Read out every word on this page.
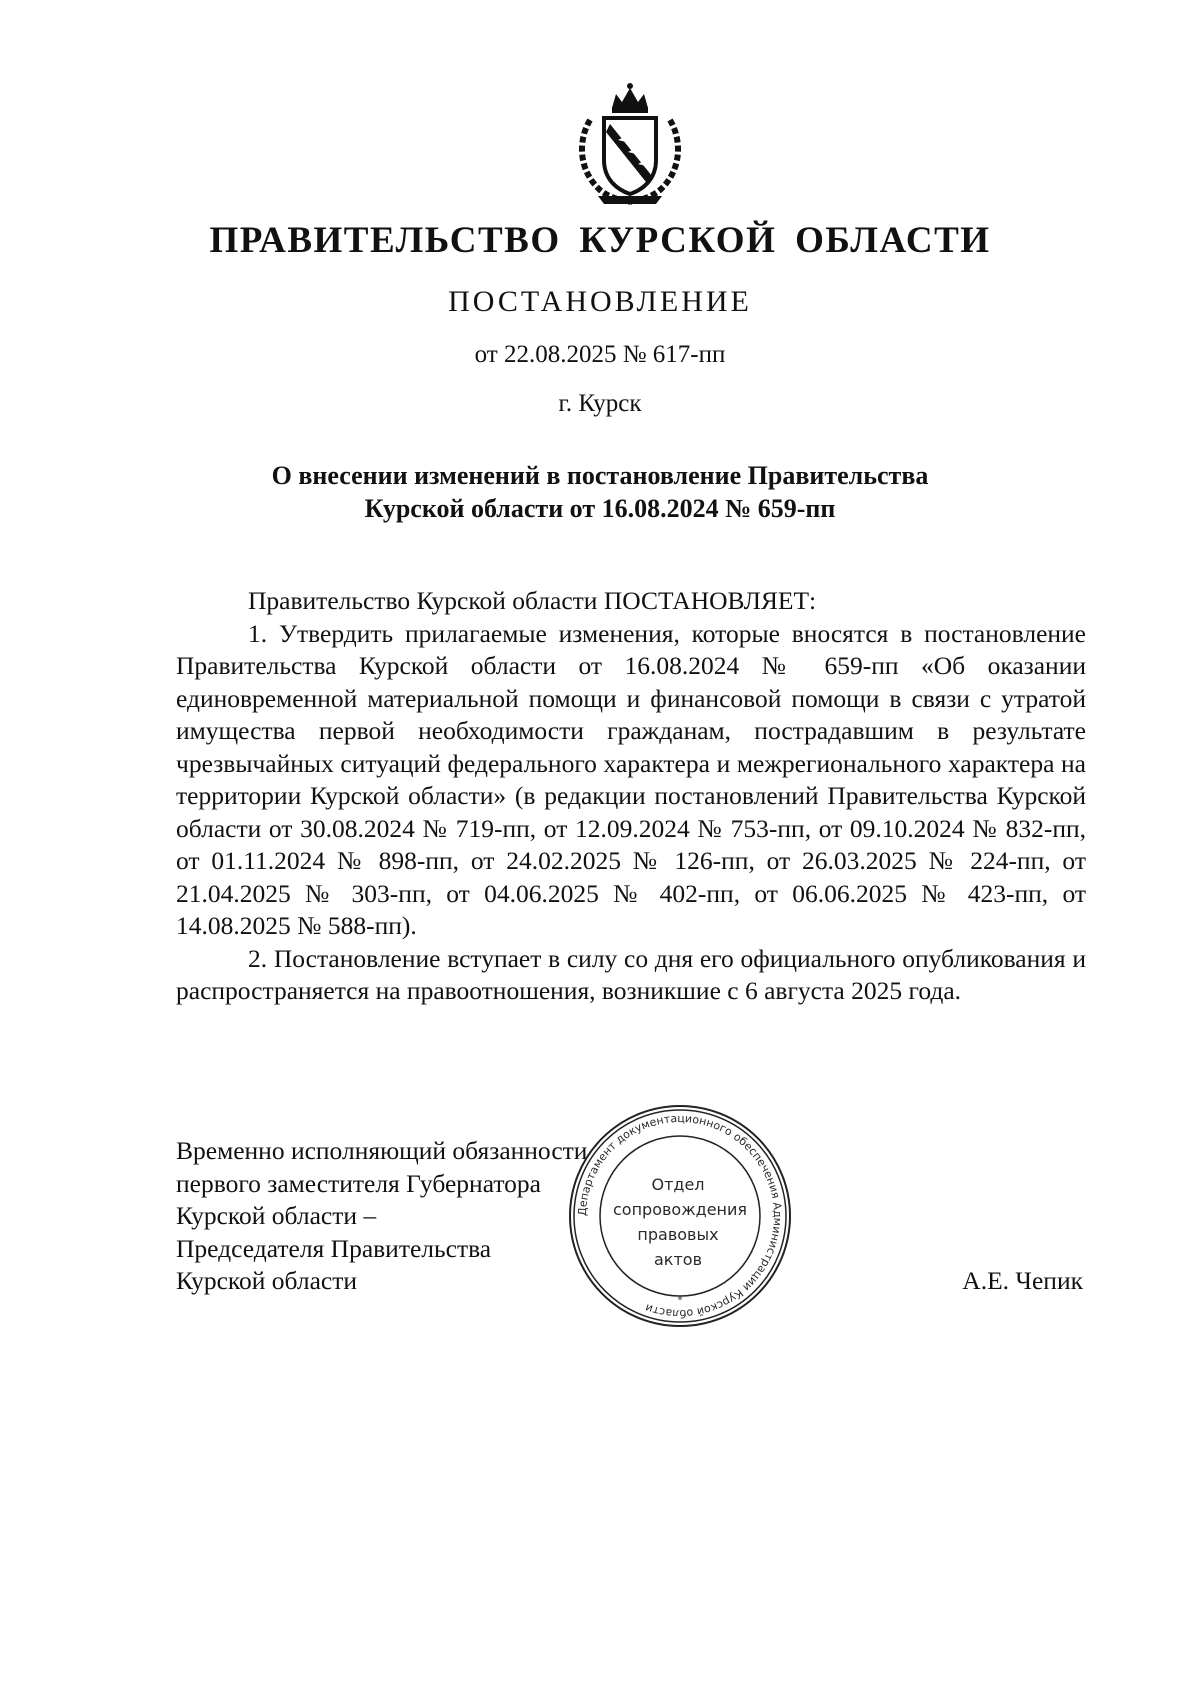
ПРАВИТЕЛЬСТВО КУРСКОЙ ОБЛАСТИ
ПОСТАНОВЛЕНИЕ
от 22.08.2025 № 617-пп
г. Курск
О внесении изменений в постановление Правительства
Курской области от 16.08.2024 № 659-пп

Правительство Курской области ПОСТАНОВЛЯЕТ:

1. Утвердить прилагаемые изменения, которые вносятся в постановление Правительства Курской области от 16.08.2024 № 659-пп «Об оказании единовременной материальной помощи и финансовой помощи в связи с утратой имущества первой необходимости гражданам, пострадавшим в результате чрезвычайных ситуаций федерального характера и межрегионального характера на территории Курской области» (в редакции постановлений Правительства Курской области от 30.08.2024 № 719-пп, от 12.09.2024 № 753-пп, от 09.10.2024 № 832-пп, от 01.11.2024 № 898-пп, от 24.02.2025 № 126-пп, от 26.03.2025 № 224-пп, от 21.04.2025 № 303-пп, от 04.06.2025 № 402-пп, от 06.06.2025 № 423-пп, от 14.08.2025 № 588-пп).

2. Постановление вступает в силу со дня его официального опубликования и распространяется на правоотношения, возникшие с 6 августа 2025 года.

Временно исполняющий обязанности
первого заместителя Губернатора
Курской области –
Председателя Правительства
Курской области
Департамент документационного обеспечения Администрации Курской области
*
Отдел
сопровождения
правовых
актов
А.Е. Чепик
